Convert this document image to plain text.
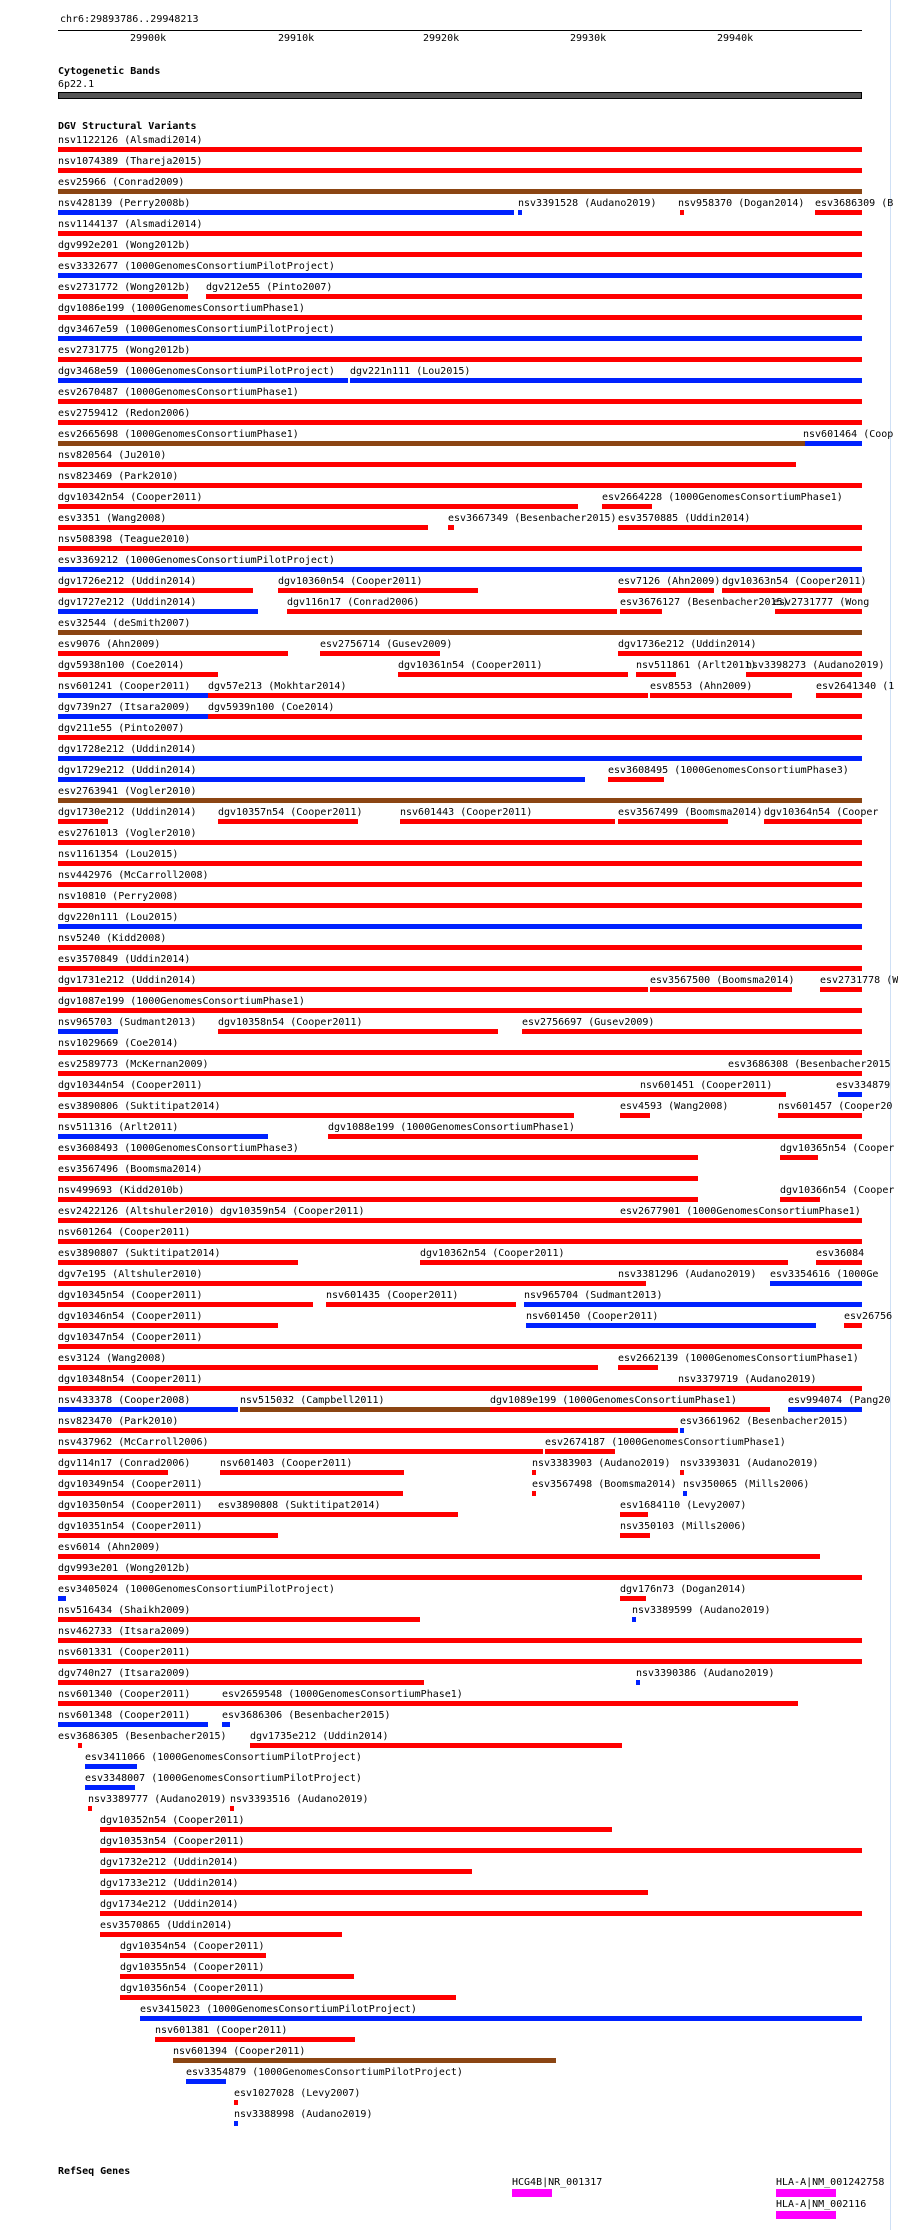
chr6:29893786..29948213
29900k	29910k	29920k	29930k	29940k
Cytogenetic Bands
6p22.1
DGV Structural Variants
nsv1122126 (Alsmadi2014)
nsv1074389 (Thareja2015)
esv25966 (Conrad2009)
nsv428139 (Perry2008b)	nsv3391528 (Audano2019) nsv958370 (Dogan2014) esv3686309 (B
nsv1144137 (Alsmadi2014)
dgv992e201 (Wong2012b)
esv3332677 (1000GenomesConsortiumPilotProject)
esv2731772 (Wong2012b) dgv212e55 (Pinto2007)
dgv1086e199 (1000GenomesConsortiumPhase1)
dgv3467e59 (1000GenomesConsortiumPilotProject)
esv2731775 (Wong2012b)
dgv3468e59 (1000GenomesConsortiumPilotProject) dgv221n111 (Lou2015)
esv2670487 (1000GenomesConsortiumPhase1)
esv2759412 (Redon2006)
esv2665698 (1000GenomesConsortiumPhase1)	nsv601464 (Coop
nsv820564 (Ju2010)
nsv823469 (Park2010)
dgv10342n54 (Cooper2011)	esv2664228 (1000GenomesConsortiumPhase1)
esv3351 (Wang2008)	esv3667349 (Besenbacher2015) esv3570885 (Uddin2014)
nsv508398 (Teague2010)
esv3369212 (1000GenomesConsortiumPilotProject)
dgv1726e212 (Uddin2014)	dgv10360n54 (Cooper2011)	esv7126 (Ahn2009) dgv10363n54 (Cooper2011)
dgv1727e212 (Uddin2014)	dgv116n17 (Conrad2006)	esv3676127 (Besenbacher2015)
esv2731777 (Wong
esv32544 (deSmith2007)
esv9076 (Ahn2009)	esv2756714 (Gusev2009)	dgv1736e212 (Uddin2014)
dgv5938n100 (Coe2014)	dgv10361n54 (Cooper2011)	nsv511861 (Arlt2011)
nsv3398273 (Audano2019)
nsv601241 (Cooper2011) dgv57e213 (Mokhtar2014)	esv8553 (Ahn2009)	esv2641340 (1
dgv739n27 (Itsara2009) dgv5939n100 (Coe2014)
dgv211e55 (Pinto2007)
dgv1728e212 (Uddin2014)
dgv1729e212 (Uddin2014)	esv3608495 (1000GenomesConsortiumPhase3)
esv2763941 (Vogler2010)
dgv1730e212 (Uddin2014) dgv10357n54 (Cooper2011)	nsv601443 (Cooper2011)	esv3567499 (Boomsma2014) dgv10364n54 (Cooper
esv2761013 (Vogler2010)
nsv1161354 (Lou2015)
nsv442976 (McCarroll2008)
nsv10810 (Perry2008)
dgv220n111 (Lou2015)
nsv5240 (Kidd2008)
esv3570849 (Uddin2014)
dgv1731e212 (Uddin2014)	esv3567500 (Boomsma2014)	esv2731778 (W
dgv1087e199 (1000GenomesConsortiumPhase1)
nsv965703 (Sudmant2013) dgv10358n54 (Cooper2011)	esv2756697 (Gusev2009)
nsv1029669 (Coe2014)
esv2589773 (McKernan2009)	esv3686308 (Besenbacher2015
dgv10344n54 (Cooper2011)	nsv601451 (Cooper2011)	esv334879
esv3890806 (Suktitipat2014)	esv4593 (Wang2008)	nsv601457 (Cooper20
nsv511316 (Arlt2011)	dgv1088e199 (1000GenomesConsortiumPhase1)
esv3608493 (1000GenomesConsortiumPhase3)	dgv10365n54 (Cooper
esv3567496 (Boomsma2014)
nsv499693 (Kidd2010b)	dgv10366n54 (Cooper
esv2422126 (Altshuler2010) dgv10359n54 (Cooper2011)	esv2677901 (1000GenomesConsortiumPhase1)
nsv601264 (Cooper2011)
esv3890807 (Suktitipat2014)	dgv10362n54 (Cooper2011)	esv36084
dgv7e195 (Altshuler2010)	nsv3381296 (Audano2019) esv3354616 (1000Ge
dgv10345n54 (Cooper2011)	nsv601435 (Cooper2011)	nsv965704 (Sudmant2013)
dgv10346n54 (Cooper2011)	nsv601450 (Cooper2011)	esv26756
dgv10347n54 (Cooper2011)
esv3124 (Wang2008)	esv2662139 (1000GenomesConsortiumPhase1)
dgv10348n54 (Cooper2011)	nsv3379719 (Audano2019)
nsv433378 (Cooper2008)	nsv515032 (Campbell2011)	dgv1089e199 (1000GenomesConsortiumPhase1)	esv994074 (Pang20
nsv823470 (Park2010)	esv3661962 (Besenbacher2015)
nsv437962 (McCarroll2006)	esv2674187 (1000GenomesConsortiumPhase1)
dgv114n17 (Conrad2006)	nsv601403 (Cooper2011)	nsv3383903 (Audano2019) nsv3393031 (Audano2019)
dgv10349n54 (Cooper2011)	esv3567498 (Boomsma2014) nsv350065 (Mills2006)
dgv10350n54 (Cooper2011) esv3890808 (Suktitipat2014)	esv1684110 (Levy2007)
dgv10351n54 (Cooper2011)	nsv350103 (Mills2006)
esv6014 (Ahn2009)
dgv993e201 (Wong2012b)
esv3405024 (1000GenomesConsortiumPilotProject)	dgv176n73 (Dogan2014)
nsv516434 (Shaikh2009)	nsv3389599 (Audano2019)
nsv462733 (Itsara2009)
nsv601331 (Cooper2011)
dgv740n27 (Itsara2009)	nsv3390386 (Audano2019)
nsv601340 (Cooper2011)	esv2659548 (1000GenomesConsortiumPhase1)
nsv601348 (Cooper2011)	esv3686306 (Besenbacher2015)
esv3686305 (Besenbacher2015) dgv1735e212 (Uddin2014)
esv3411066 (1000GenomesConsortiumPilotProject)
esv3348007 (1000GenomesConsortiumPilotProject)
nsv3389777 (Audano2019) nsv3393516 (Audano2019)
dgv10352n54 (Cooper2011)
dgv10353n54 (Cooper2011)
dgv1732e212 (Uddin2014)
dgv1733e212 (Uddin2014)
dgv1734e212 (Uddin2014)
esv3570865 (Uddin2014)
dgv10354n54 (Cooper2011)
dgv10355n54 (Cooper2011)
dgv10356n54 (Cooper2011)
esv3415023 (1000GenomesConsortiumPilotProject)
nsv601381 (Cooper2011)
nsv601394 (Cooper2011)
esv3354879 (1000GenomesConsortiumPilotProject)
esv1027028 (Levy2007)
nsv3388998 (Audano2019)
RefSeq Genes
HCG4B|NR_001317	HLA-A|NM_001242758
HLA-A|NM_002116
